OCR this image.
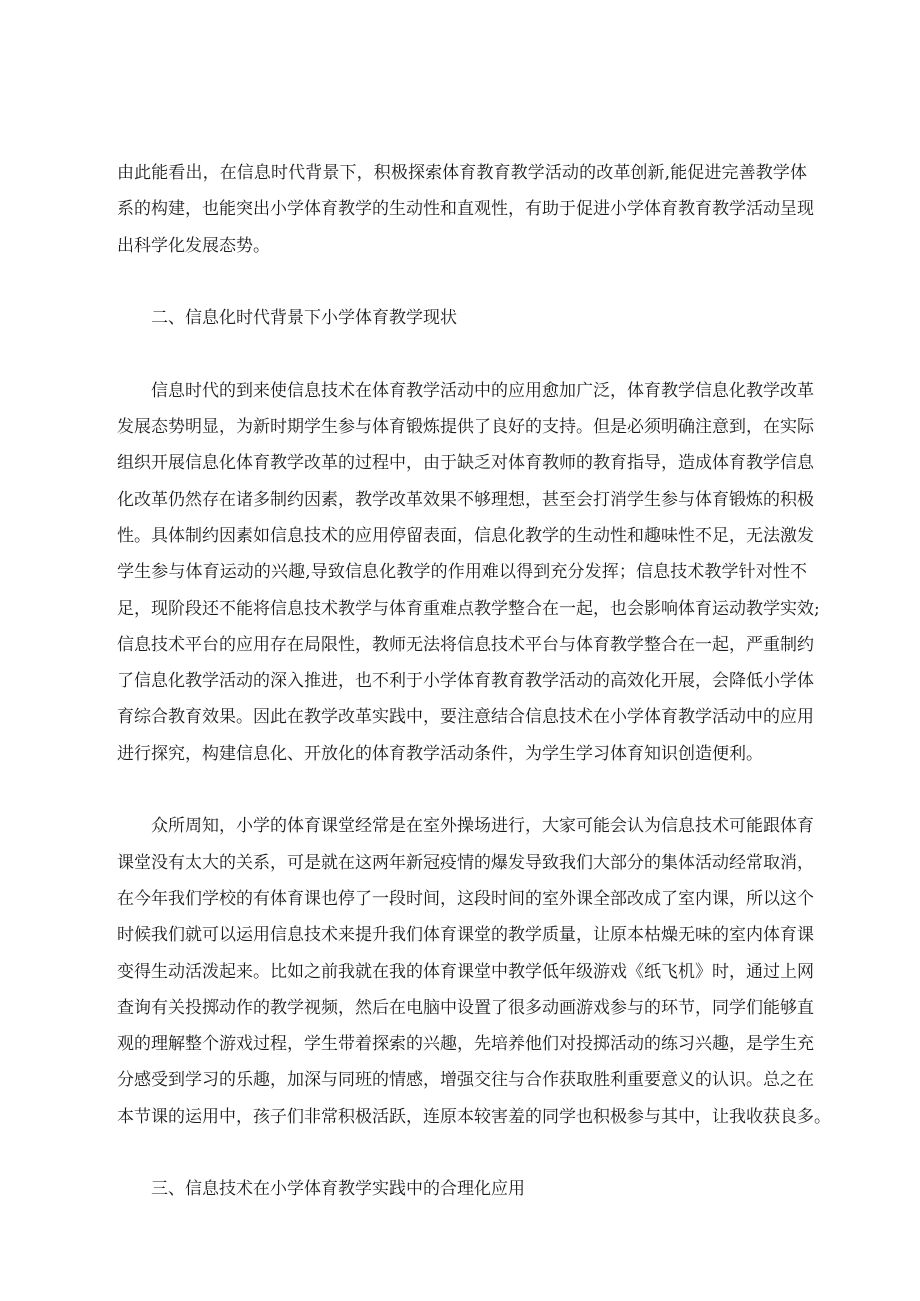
由此能看出，在信息时代背景下，积极探索体育教育教学活动的改革创新,能促进完善教学体
系的构建，也能突出小学体育教学的生动性和直观性，有助于促进小学体育教育教学活动呈现
出科学化发展态势。
二、信息化时代背景下小学体育教学现状
信息时代的到来使信息技术在体育教学活动中的应用愈加广泛，体育教学信息化教学改革
发展态势明显，为新时期学生参与体育锻炼提供了良好的支持。但是必须明确注意到，在实际
组织开展信息化体育教学改革的过程中，由于缺乏对体育教师的教育指导，造成体育教学信息
化改革仍然存在诸多制约因素，教学改革效果不够理想，甚至会打消学生参与体育锻炼的积极
性。具体制约因素如信息技术的应用停留表面，信息化教学的生动性和趣味性不足，无法激发
学生参与体育运动的兴趣,导致信息化教学的作用难以得到充分发挥；信息技术教学针对性不
足，现阶段还不能将信息技术教学与体育重难点教学整合在一起，也会影响体育运动教学实效;
信息技术平台的应用存在局限性，教师无法将信息技术平台与体育教学整合在一起，严重制约
了信息化教学活动的深入推进，也不利于小学体育教育教学活动的高效化开展，会降低小学体
育综合教育效果。因此在教学改革实践中，要注意结合信息技术在小学体育教学活动中的应用
进行探究，构建信息化、开放化的体育教学活动条件，为学生学习体育知识创造便利。
众所周知，小学的体育课堂经常是在室外操场进行，大家可能会认为信息技术可能跟体育
课堂没有太大的关系，可是就在这两年新冠疫情的爆发导致我们大部分的集体活动经常取消，
在今年我们学校的有体育课也停了一段时间，这段时间的室外课全部改成了室内课，所以这个
时候我们就可以运用信息技术来提升我们体育课堂的教学质量，让原本枯燥无味的室内体育课
变得生动活泼起来。比如之前我就在我的体育课堂中教学低年级游戏《纸飞机》时，通过上网
查询有关投掷动作的教学视频，然后在电脑中设置了很多动画游戏参与的环节，同学们能够直
观的理解整个游戏过程，学生带着探索的兴趣，先培养他们对投掷活动的练习兴趣，是学生充
分感受到学习的乐趣，加深与同班的情感，增强交往与合作获取胜利重要意义的认识。总之在
本节课的运用中，孩子们非常积极活跃，连原本较害羞的同学也积极参与其中，让我收获良多。
三、信息技术在小学体育教学实践中的合理化应用
